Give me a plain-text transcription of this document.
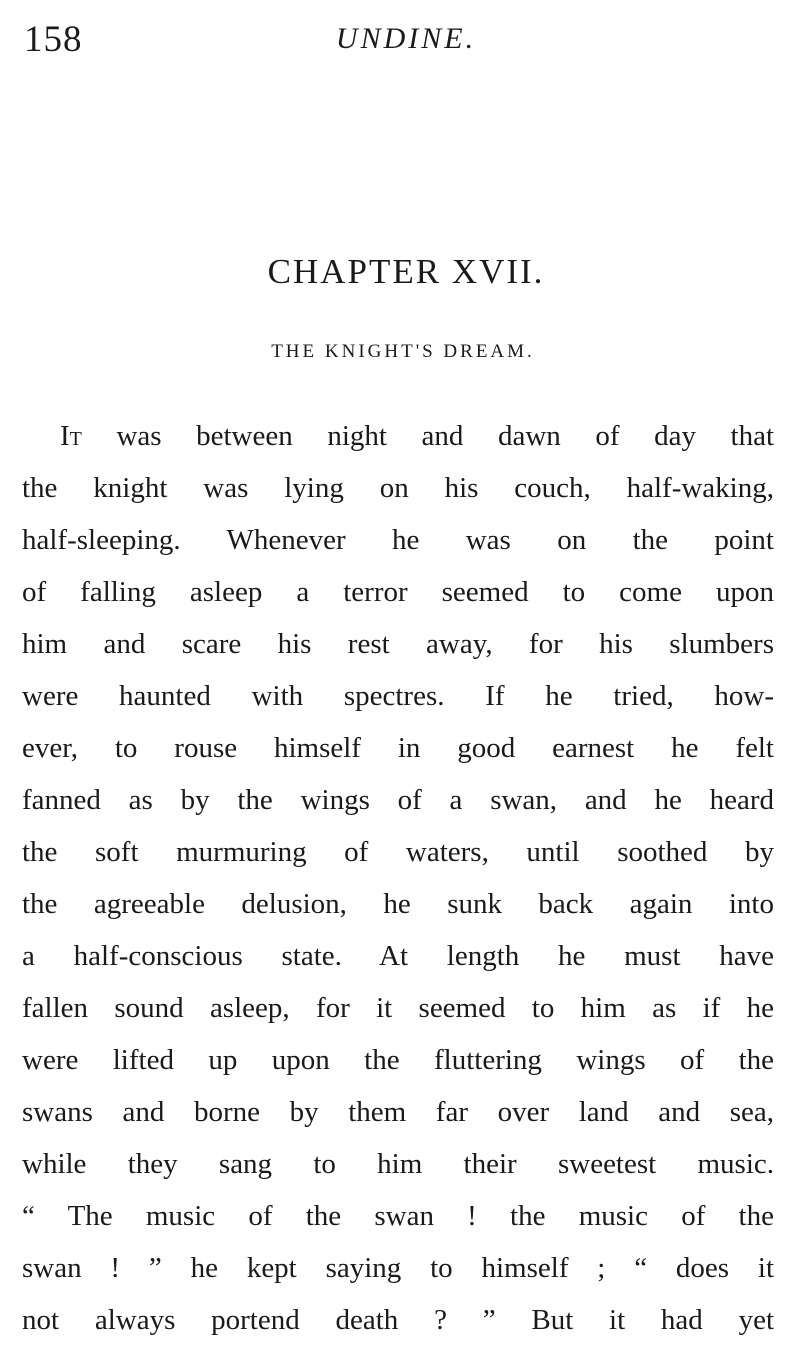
158	UNDINE.
CHAPTER XVII.
THE KNIGHT'S DREAM.
It was between night and dawn of day that
the knight was lying on his couch, half-waking,
half-sleeping. Whenever he was on the point
of falling asleep a terror seemed to come upon
him and scare his rest away, for his slumbers
were haunted with spectres. If he tried, how-
ever, to rouse himself in good earnest he felt
fanned as by the wings of a swan, and he heard
the soft murmuring of waters, until soothed by
the agreeable delusion, he sunk back again into
a half-conscious state. At length he must have
fallen sound asleep, for it seemed to him as if he
were lifted up upon the fluttering wings of the
swans and borne by them far over land and sea,
while they sang to him their sweetest music.
“ The music of the swan ! the music of the
swan ! ” he kept saying to himself ; “ does it
not always portend death ? ” But it had yet
